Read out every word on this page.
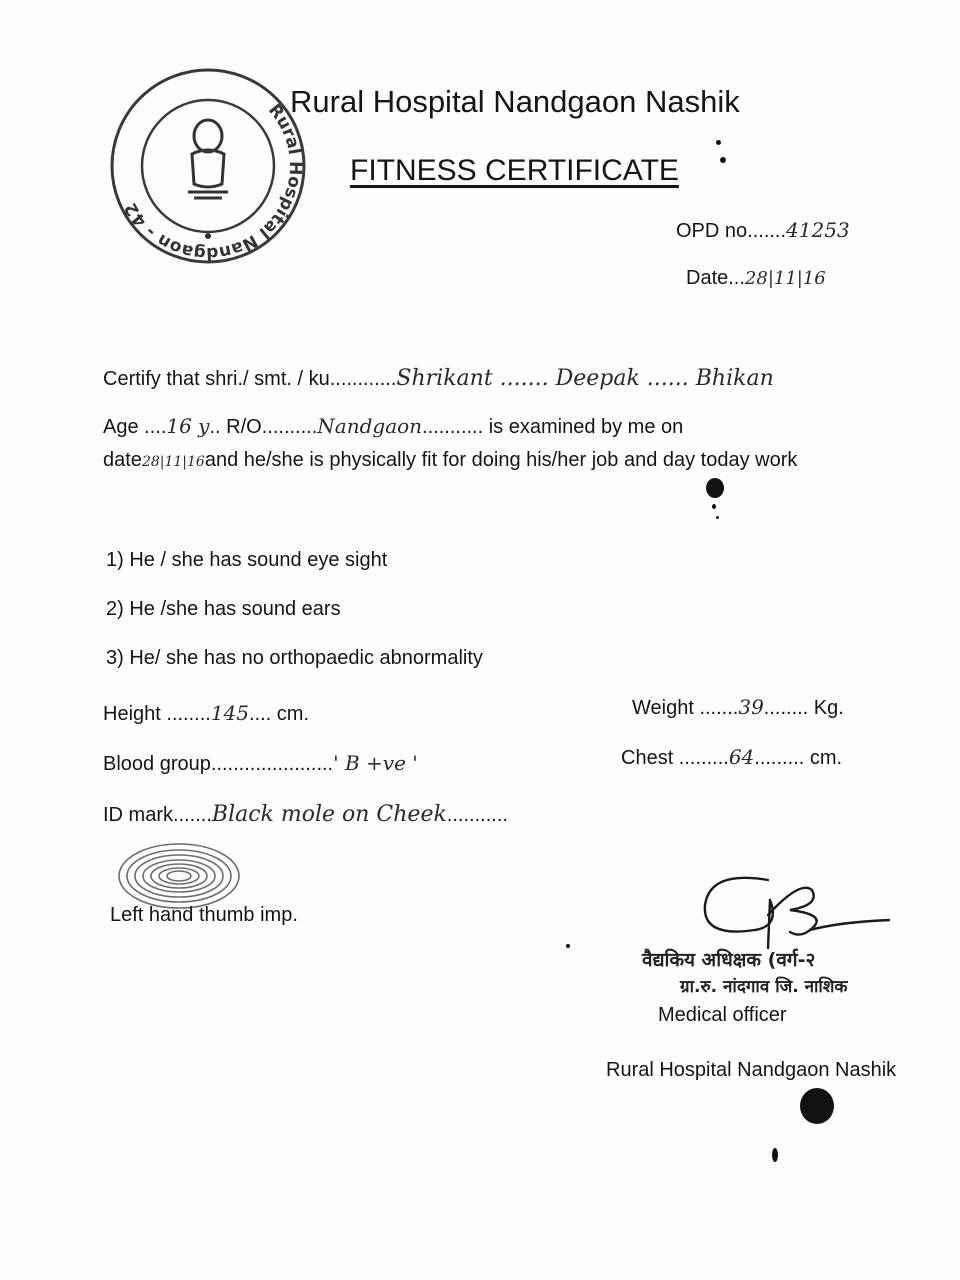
Rural Hospital Nandgaon - 42
Rural Hospital Nandgaon Nashik
FITNESS CERTIFICATE
OPD no.......41253
Date...28|11|16
Certify that shri./ smt. / ku............Shrikant ....... Deepak ...... Bhikan
Age ....16 y.. R/O..........Nandgaon........... is examined by me on
date28|11|16and he/she is physically fit for doing his/her job and day today work
1) He / she has sound eye sight
2) He /she has sound ears
3) He/ she has no orthopaedic abnormality
Height ........145.... cm.	Weight .......39........ Kg.
Blood group......................' B +ve '	Chest .........64......... cm.
ID mark.......Black mole on Cheek...........
Left hand thumb imp.
वैद्यकिय अधिक्षक (वर्ग-२
ग्रा.रु. नांदगाव जि. नाशिक
Medical officer
Rural Hospital Nandgaon Nashik
